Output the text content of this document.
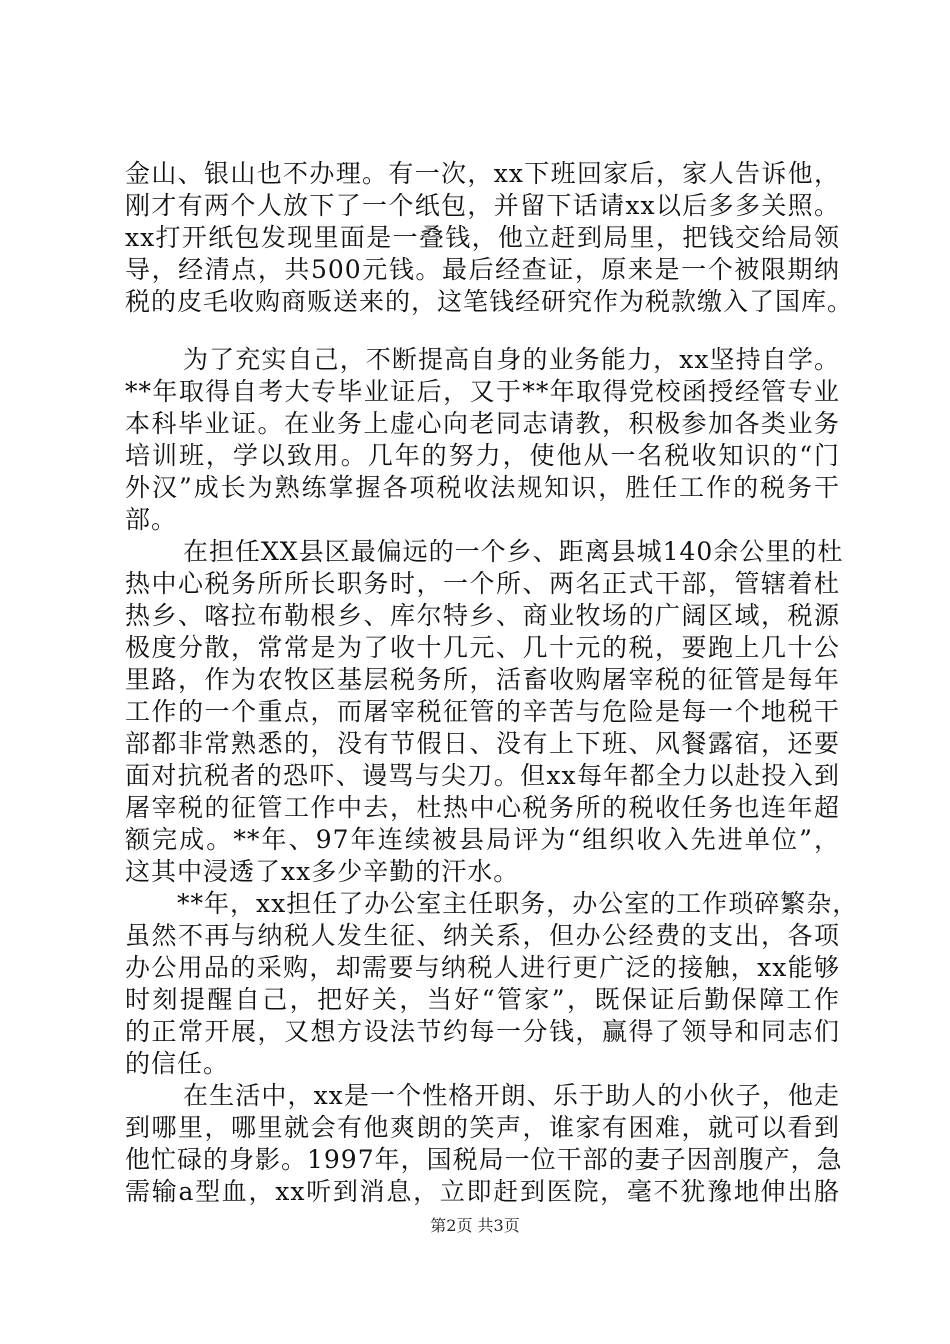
金山、银山也不办理。有一次，xx下班回家后，家人告诉他，
刚才有两个人放下了一个纸包，并留下话请xx以后多多关照。
xx打开纸包发现里面是一叠钱，他立赶到局里，把钱交给局领
导，经清点，共500元钱。最后经查证，原来是一个被限期纳
税的皮毛收购商贩送来的，这笔钱经研究作为税款缴入了国库。
为了充实自己，不断提高自身的业务能力，xx坚持自学。
**年取得自考大专毕业证后，又于**年取得党校函授经管专业
本科毕业证。在业务上虚心向老同志请教，积极参加各类业务
培训班，学以致用。几年的努力，使他从一名税收知识的“门
外汉”成长为熟练掌握各项税收法规知识，胜任工作的税务干
部。
在担任XX县区最偏远的一个乡、距离县城140余公里的杜
热中心税务所所长职务时，一个所、两名正式干部，管辖着杜
热乡、喀拉布勒根乡、库尔特乡、商业牧场的广阔区域，税源
极度分散，常常是为了收十几元、几十元的税，要跑上几十公
里路，作为农牧区基层税务所，活畜收购屠宰税的征管是每年
工作的一个重点，而屠宰税征管的辛苦与危险是每一个地税干
部都非常熟悉的，没有节假日、没有上下班、风餐露宿，还要
面对抗税者的恐吓、谩骂与尖刀。但xx每年都全力以赴投入到
屠宰税的征管工作中去，杜热中心税务所的税收任务也连年超
额完成。**年、97年连续被县局评为“组织收入先进单位”，
这其中浸透了xx多少辛勤的汗水。
**年，xx担任了办公室主任职务，办公室的工作琐碎繁杂，
虽然不再与纳税人发生征、纳关系，但办公经费的支出，各项
办公用品的采购，却需要与纳税人进行更广泛的接触，xx能够
时刻提醒自己，把好关，当好“管家”，既保证后勤保障工作
的正常开展，又想方设法节约每一分钱，赢得了领导和同志们
的信任。
在生活中，xx是一个性格开朗、乐于助人的小伙子，他走
到哪里，哪里就会有他爽朗的笑声，谁家有困难，就可以看到
他忙碌的身影。1997年，国税局一位干部的妻子因剖腹产，急
需输a型血，xx听到消息，立即赶到医院，毫不犹豫地伸出胳
第2页 共3页
